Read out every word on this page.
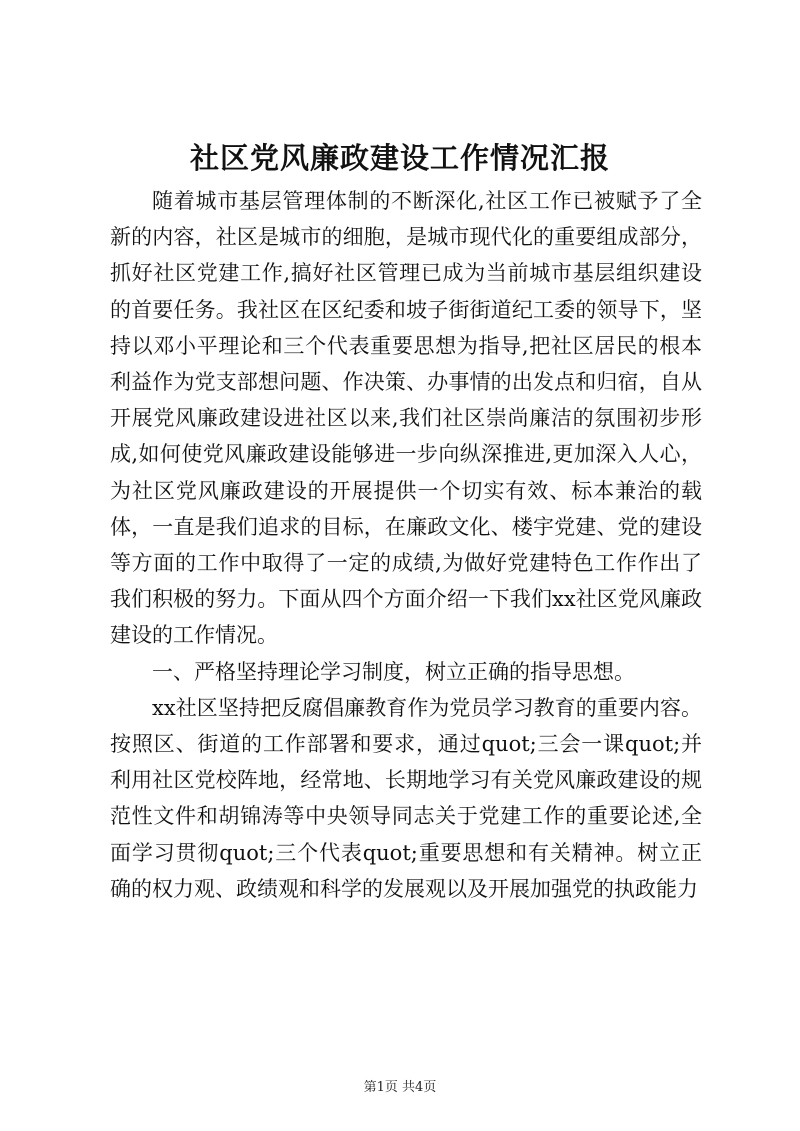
社区党风廉政建设工作情况汇报

随着城市基层管理体制的不断深化,社区工作已被赋予了全新的内容，社区是城市的细胞，是城市现代化的重要组成部分，抓好社区党建工作,搞好社区管理已成为当前城市基层组织建设的首要任务。我社区在区纪委和坡子街街道纪工委的领导下，坚持以邓小平理论和三个代表重要思想为指导,把社区居民的根本利益作为党支部想问题、作决策、办事情的出发点和归宿，自从开展党风廉政建设进社区以来,我们社区崇尚廉洁的氛围初步形成,如何使党风廉政建设能够进一步向纵深推进,更加深入人心，为社区党风廉政建设的开展提供一个切实有效、标本兼治的载体，一直是我们追求的目标，在廉政文化、楼宇党建、党的建设等方面的工作中取得了一定的成绩,为做好党建特色工作作出了我们积极的努力。下面从四个方面介绍一下我们xx社区党风廉政建设的工作情况。

一、严格坚持理论学习制度，树立正确的指导思想。

xx社区坚持把反腐倡廉教育作为党员学习教育的重要内容。按照区、街道的工作部署和要求，通过quot;三会一课quot;并利用社区党校阵地，经常地、长期地学习有关党风廉政建设的规范性文件和胡锦涛等中央领导同志关于党建工作的重要论述,全面学习贯彻quot;三个代表quot;重要思想和有关精神。树立正确的权力观、政绩观和科学的发展观以及开展加强党的执政能力

第1页 共4页
